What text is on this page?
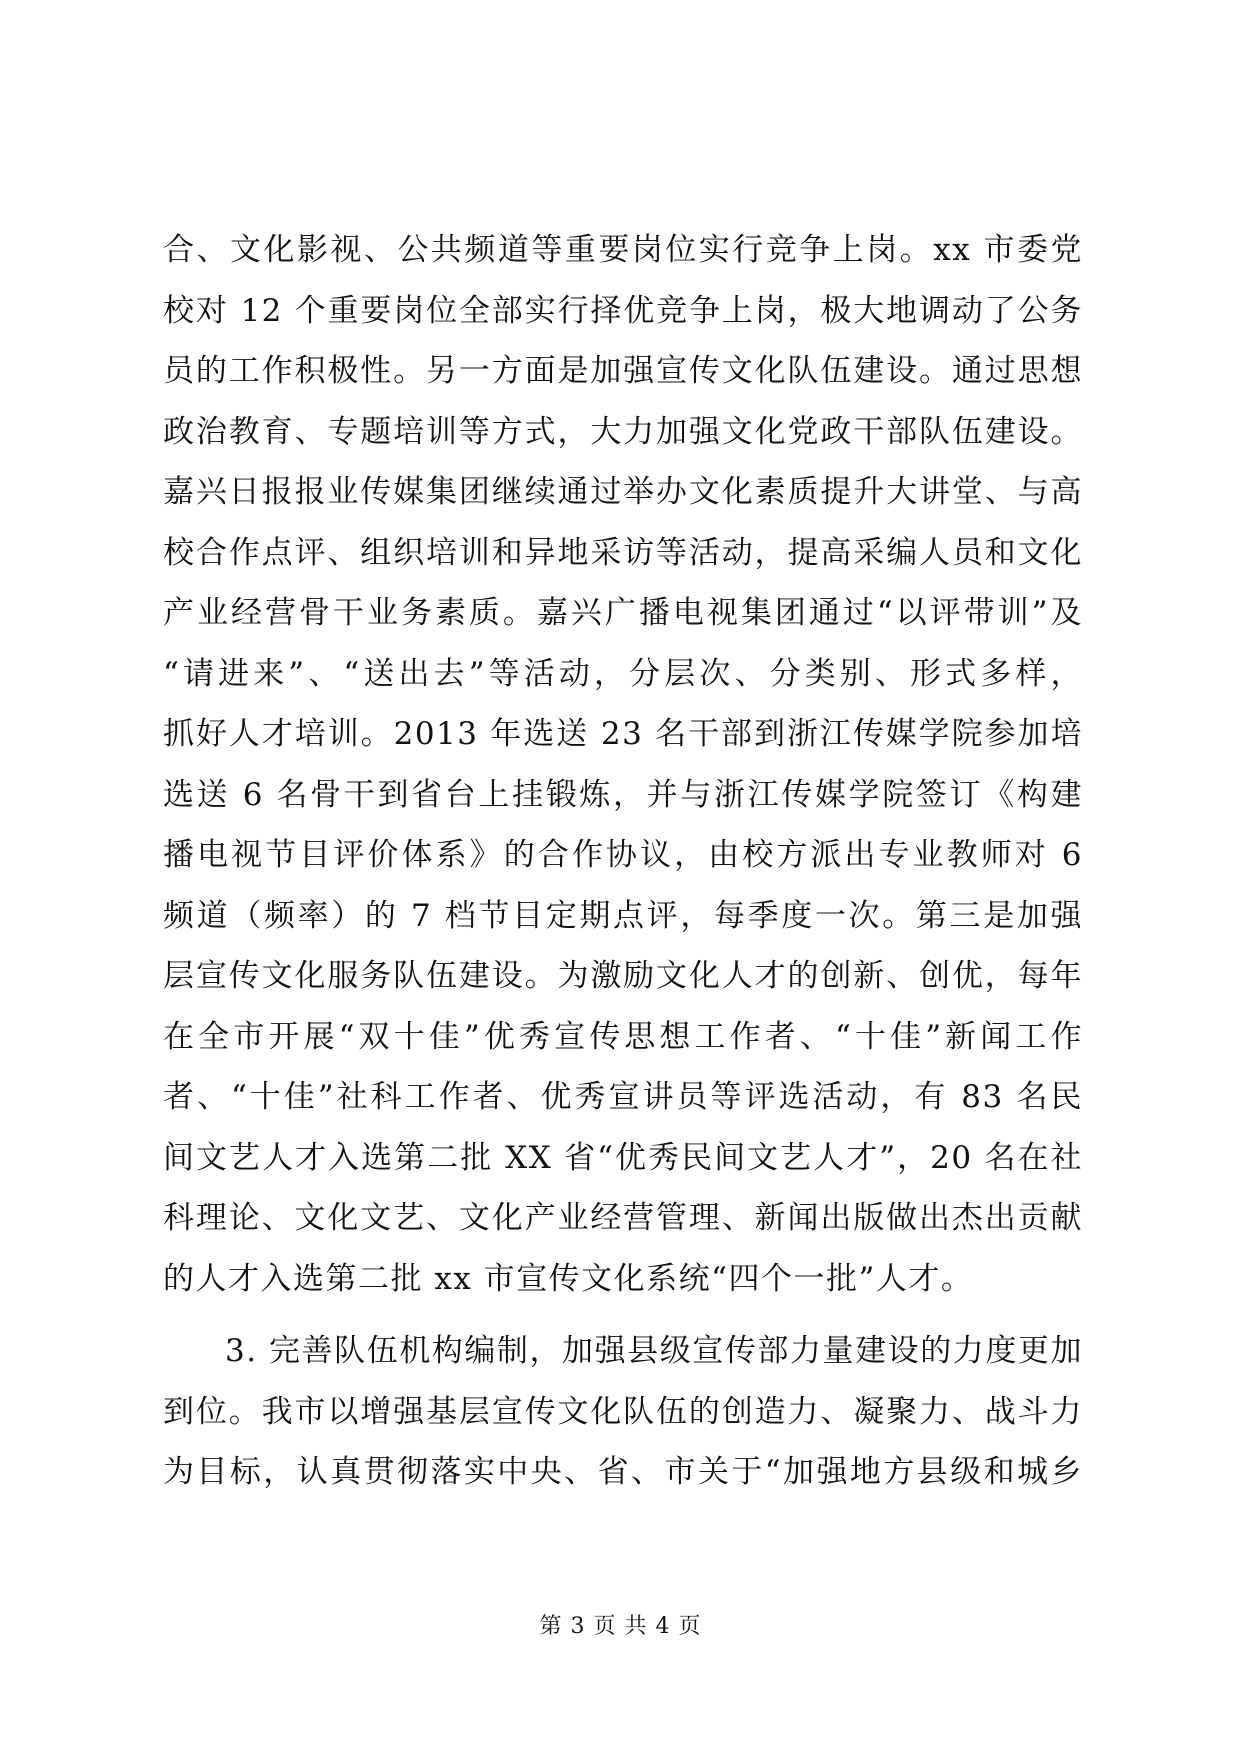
合、文化影视、公共频道等重要岗位实行竞争上岗。xx 市委党
校对 12 个重要岗位全部实行择优竞争上岗，极大地调动了公务
员的工作积极性。另一方面是加强宣传文化队伍建设。通过思想
政治教育、专题培训等方式，大力加强文化党政干部队伍建设。
嘉兴日报报业传媒集团继续通过举办文化素质提升大讲堂、与高
校合作点评、组织培训和异地采访等活动，提高采编人员和文化
产业经营骨干业务素质。嘉兴广播电视集团通过“以评带训”及
“请进来”、“送出去”等活动，分层次、分类别、形式多样，
抓好人才培训。2013 年选送 23 名干部到浙江传媒学院参加培
选送 6 名骨干到省台上挂锻炼，并与浙江传媒学院签订《构建
播电视节目评价体系》的合作协议，由校方派出专业教师对 6
频道（频率）的 7 档节目定期点评，每季度一次。第三是加强
层宣传文化服务队伍建设。为激励文化人才的创新、创优，每年
在全市开展“双十佳”优秀宣传思想工作者、“十佳”新闻工作
者、“十佳”社科工作者、优秀宣讲员等评选活动，有 83 名民
间文艺人才入选第二批 XX 省“优秀民间文艺人才”，20 名在社
科理论、文化文艺、文化产业经营管理、新闻出版做出杰出贡献
的人才入选第二批 xx 市宣传文化系统“四个一批”人才。
3. 完善队伍机构编制，加强县级宣传部力量建设的力度更加
到位。我市以增强基层宣传文化队伍的创造力、凝聚力、战斗力
为目标，认真贯彻落实中央、省、市关于“加强地方县级和城乡
第 3 页 共 4 页
